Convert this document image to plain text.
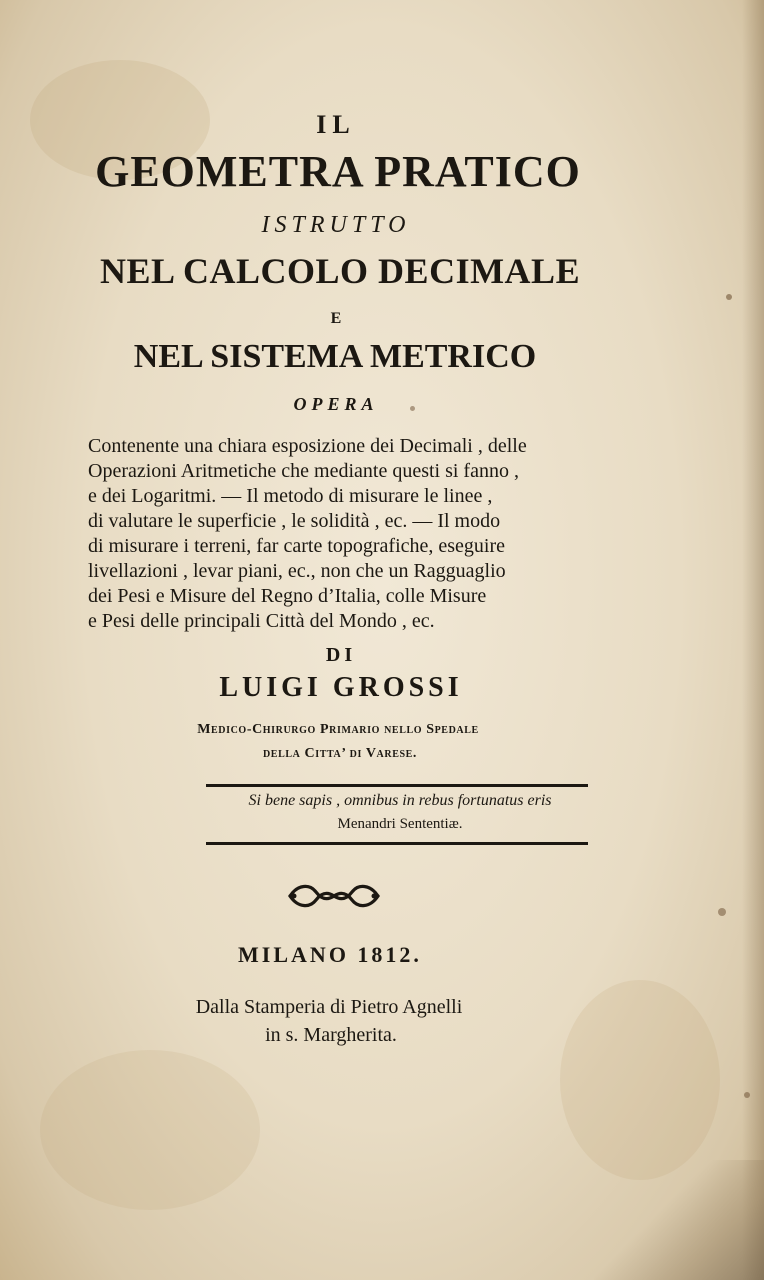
IL
GEOMETRA PRATICO
ISTRUTTO
NEL CALCOLO DECIMALE
E
NEL SISTEMA METRICO
OPERA
Contenente una chiara esposizione dei Decimali , delle
Operazioni Aritmetiche che mediante questi si fanno ,
e dei Logaritmi. — Il metodo di misurare le linee ,
di valutare le superficie , le solidità , ec. — Il modo
di misurare i terreni, far carte topografiche, eseguire
livellazioni , levar piani, ec., non che un Ragguaglio
dei Pesi e Misure del Regno d’Italia, colle Misure
e Pesi delle principali Città del Mondo , ec.
DI
LUIGI GROSSI
Medico-Chirurgo Primario nello Spedale
della Citta’ di Varese.
Si bene sapis , omnibus in rebus fortunatus eris
Menandri Sententiæ.
MILANO 1812.
Dalla Stamperia di Pietro Agnelli
in s. Margherita.
